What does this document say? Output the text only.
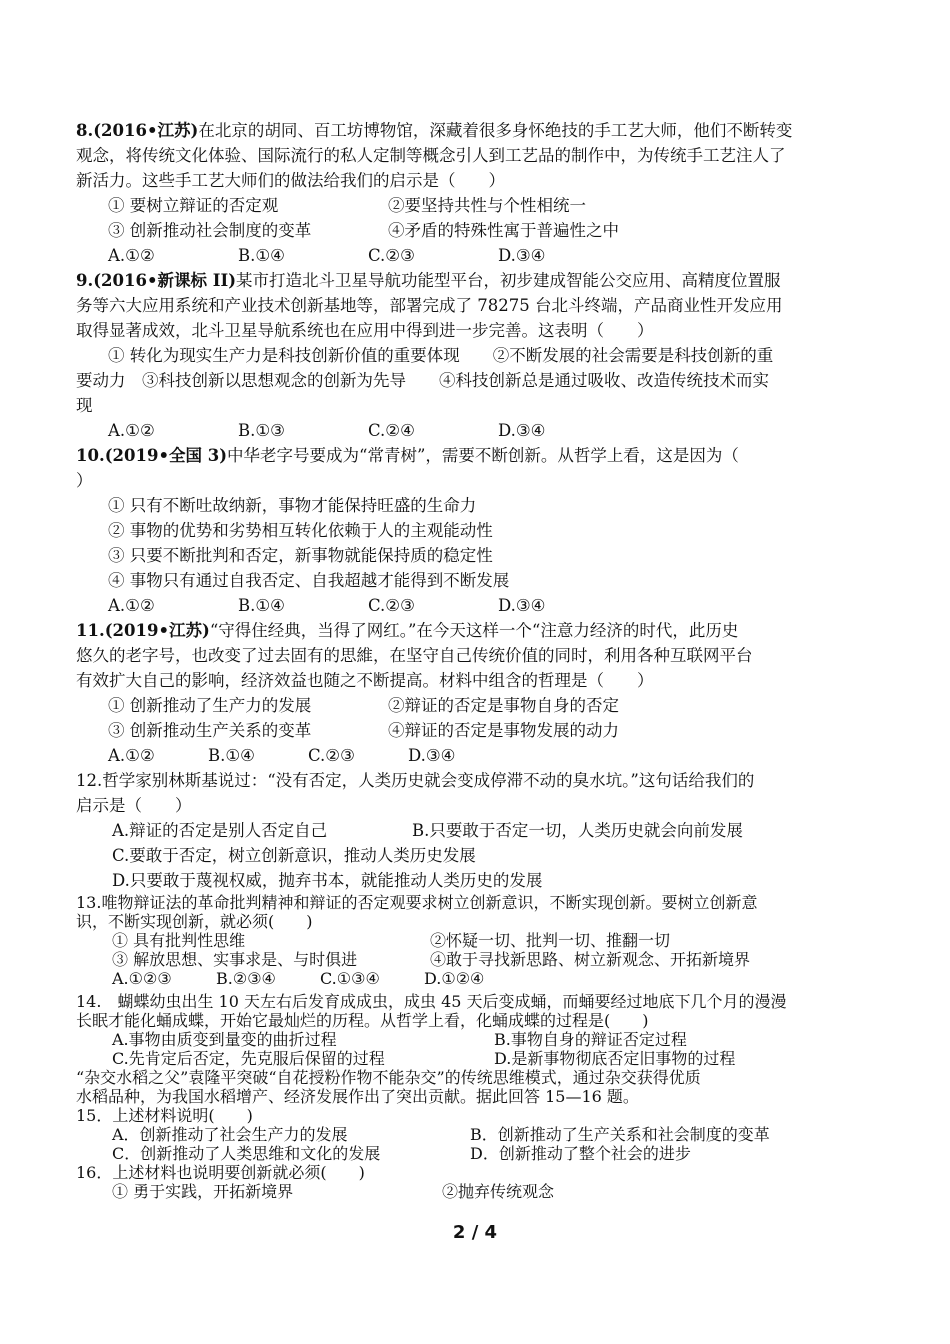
8.(2016•江苏)在北京的胡同、百工坊博物馆，深藏着很多身怀绝技的手工艺大师，他们不断转变
观念，将传统文化体验、国际流行的私人定制等概念引人到工艺品的制作中，为传统手工艺注人了
新活力。这些手工艺大师们的做法给我们的启示是（　　）
① 要树立辩证的否定观	②要坚持共性与个性相统一
③ 创新推动社会制度的变革	④矛盾的特殊性寓于普遍性之中
A.①②	B.①④	C.②③	D.③④
9.(2016•新课标 II)某市打造北斗卫星导航功能型平台，初步建成智能公交应用、高精度位置服
务等六大应用系统和产业技术创新基地等，部署完成了 78275 台北斗终端，产品商业性开发应用
取得显著成效，北斗卫星导航系统也在应用中得到进一步完善。这表明（　　）
① 转化为现实生产力是科技创新价值的重要体现　　②不断发展的社会需要是科技创新的重
要动力　③科技创新以思想观念的创新为先导　　④科技创新总是通过吸收、改造传统技术而实
现
A.①②	B.①③	C.②④	D.③④
10.(2019•全国 3)中华老字号要成为“常青树”，需要不断创新。从哲学上看，这是因为（
）
① 只有不断吐故纳新，事物才能保持旺盛的生命力
② 事物的优势和劣势相互转化依赖于人的主观能动性
③ 只要不断批判和否定，新事物就能保持质的稳定性
④ 事物只有通过自我否定、自我超越才能得到不断发展
A.①②	B.①④	C.②③	D.③④
11.(2019•江苏)“守得住经典，当得了网红。”在今天这样一个“注意力经济的时代，此历史
悠久的老字号，也改变了过去固有的思維，在坚守自己传统价值的同时，利用各种互联网平台
有效扩大自己的影响，经济效益也随之不断提高。材料中组含的哲理是（　　）
① 创新推动了生产力的发展	②辩证的否定是事物自身的否定
③ 创新推动生产关系的变革	④辩证的否定是事物发展的动力
A.①②	B.①④	C.②③	D.③④
12.哲学家别林斯基说过：“没有否定，人类历史就会变成停滞不动的臭水坑。”这句话给我们的
启示是（　　）
A.辩证的否定是别人否定自己	B.只要敢于否定一切，人类历史就会向前发展
C.要敢于否定，树立创新意识，推动人类历史发展
D.只要敢于蔑视权威，抛弃书本，就能推动人类历史的发展
13.唯物辩证法的革命批判精神和辩证的否定观要求树立创新意识，不断实现创新。要树立创新意
识，不断实现创新，就必须(　　)
① 具有批判性思维	②怀疑一切、批判一切、推翻一切
③ 解放思想、实事求是、与时俱进	④敢于寻找新思路、树立新观念、开拓新境界
A.①②③	B.②③④	C.①③④	D.①②④
14.　蝴蝶幼虫出生 10 天左右后发育成成虫，成虫 45 天后变成蛹，而蛹要经过地底下几个月的漫漫
长眠才能化蛹成蝶，开始它最灿烂的历程。从哲学上看，化蛹成蝶的过程是(　　)
A.事物由质变到量变的曲折过程	B.事物自身的辩证否定过程
C.先肯定后否定，先克服后保留的过程	D.是新事物彻底否定旧事物的过程
“杂交水稻之父”袁隆平突破“自花授粉作物不能杂交”的传统思维模式，通过杂交获得优质
水稻品种，为我国水稻增产、经济发展作出了突出贡献。据此回答 15—16 题。
15．上述材料说明(　　)
A．创新推动了社会生产力的发展	B．创新推动了生产关系和社会制度的变革
C．创新推动了人类思维和文化的发展	D．创新推动了整个社会的进步
16．上述材料也说明要创新就必须(　　)
① 勇于实践，开拓新境界	②抛弃传统观念
2 / 4
